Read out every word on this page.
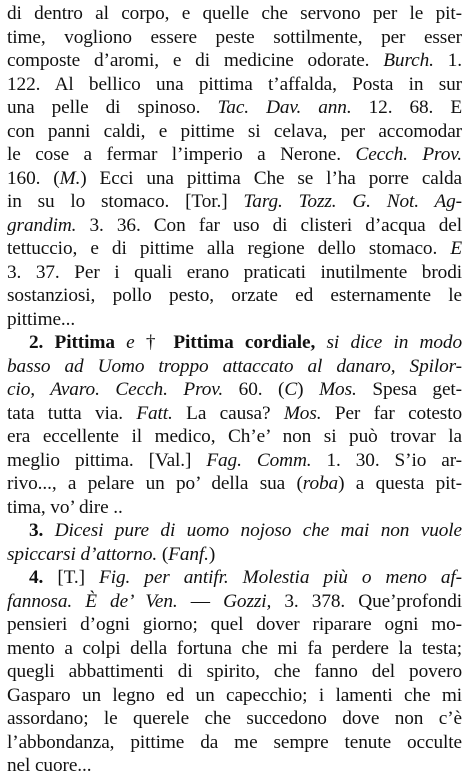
di dentro al corpo, e quelle che servono per le pit-
time, vogliono essere peste sottilmente, per esser
composte d’aromi, e di medicine odorate. Burch. 1.
122. Al bellico una pittima t’affalda, Posta in sur
una pelle di spinoso. Tac. Dav. ann. 12. 68. E
con panni caldi, e pittime si celava, per accomodar
le cose a fermar l’imperio a Nerone. Cecch. Prov.
160. (M.) Ecci una pittima Che se l’ha porre calda
in su lo stomaco. [Tor.] Targ. Tozz. G. Not. Ag-
grandim. 3. 36. Con far uso di clisteri d’acqua del
tettuccio, e di pittime alla regione dello stomaco. E
3. 37. Per i quali erano praticati inutilmente brodi
sostanziosi, pollo pesto, orzate ed esternamente le
pittime...
2. Pittima e † Pittima cordiale, si dice in modo
basso ad Uomo troppo attaccato al danaro, Spilor-
cio, Avaro. Cecch. Prov. 60. (C) Mos. Spesa get-
tata tutta via. Fatt. La causa? Mos. Per far cotesto
era eccellente il medico, Ch’e’ non si può trovar la
meglio pittima. [Val.] Fag. Comm. 1. 30. S’io ar-
rivo..., a pelare un po’ della sua (roba) a questa pit-
tima, vo’ dire ..
3. Dicesi pure di uomo nojoso che mai non vuole
spiccarsi d’attorno. (Fanf.)
4. [T.] Fig. per antifr. Molestia più o meno af-
fannosa. È de’ Ven. — Gozzi, 3. 378. Que’profondi
pensieri d’ogni giorno; quel dover riparare ogni mo-
mento a colpi della fortuna che mi fa perdere la testa;
quegli abbattimenti di spirito, che fanno del povero
Gasparo un legno ed un capecchio; i lamenti che mi
assordano; le querele che succedono dove non c’è
l’abbondanza, pittime da me sempre tenute occulte
nel cuore...
